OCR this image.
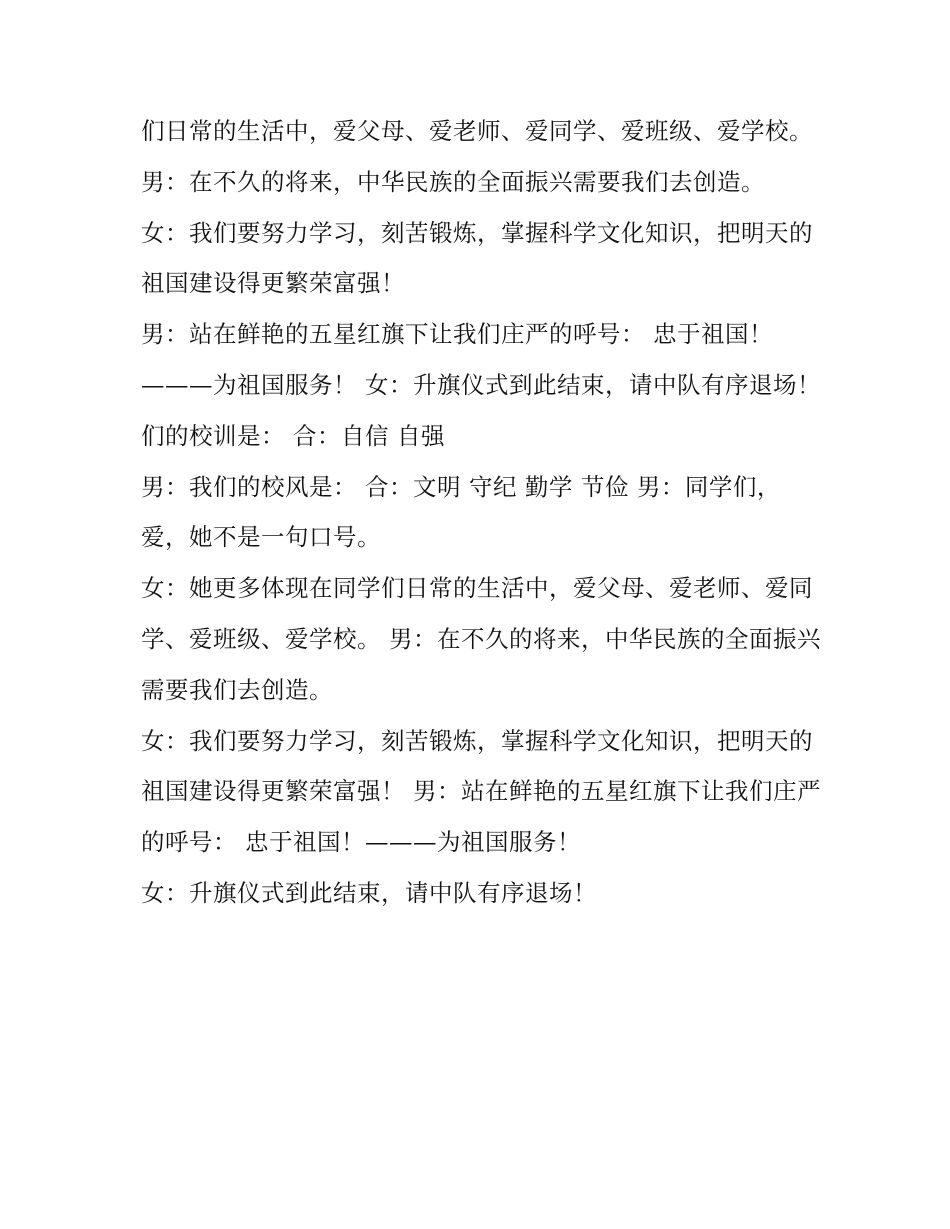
们日常的生活中，爱父母、爱老师、爱同学、爱班级、爱学校。

男：在不久的将来，中华民族的全面振兴需要我们去创造。

女：我们要努力学习，刻苦锻炼，掌握科学文化知识，把明天的祖国建设得更繁荣富强！

男：站在鲜艳的五星红旗下让我们庄严的呼号： 忠于祖国！———为祖国服务！ 女：升旗仪式到此结束，请中队有序退场！ 们的校训是： 合：自信 自强

男：我们的校风是： 合：文明 守纪 勤学 节俭 男：同学们，爱，她不是一句口号。

女：她更多体现在同学们日常的生活中，爱父母、爱老师、爱同学、爱班级、爱学校。 男：在不久的将来，中华民族的全面振兴需要我们去创造。

女：我们要努力学习，刻苦锻炼，掌握科学文化知识，把明天的祖国建设得更繁荣富强！ 男：站在鲜艳的五星红旗下让我们庄严的呼号： 忠于祖国！———为祖国服务！

女：升旗仪式到此结束，请中队有序退场！
